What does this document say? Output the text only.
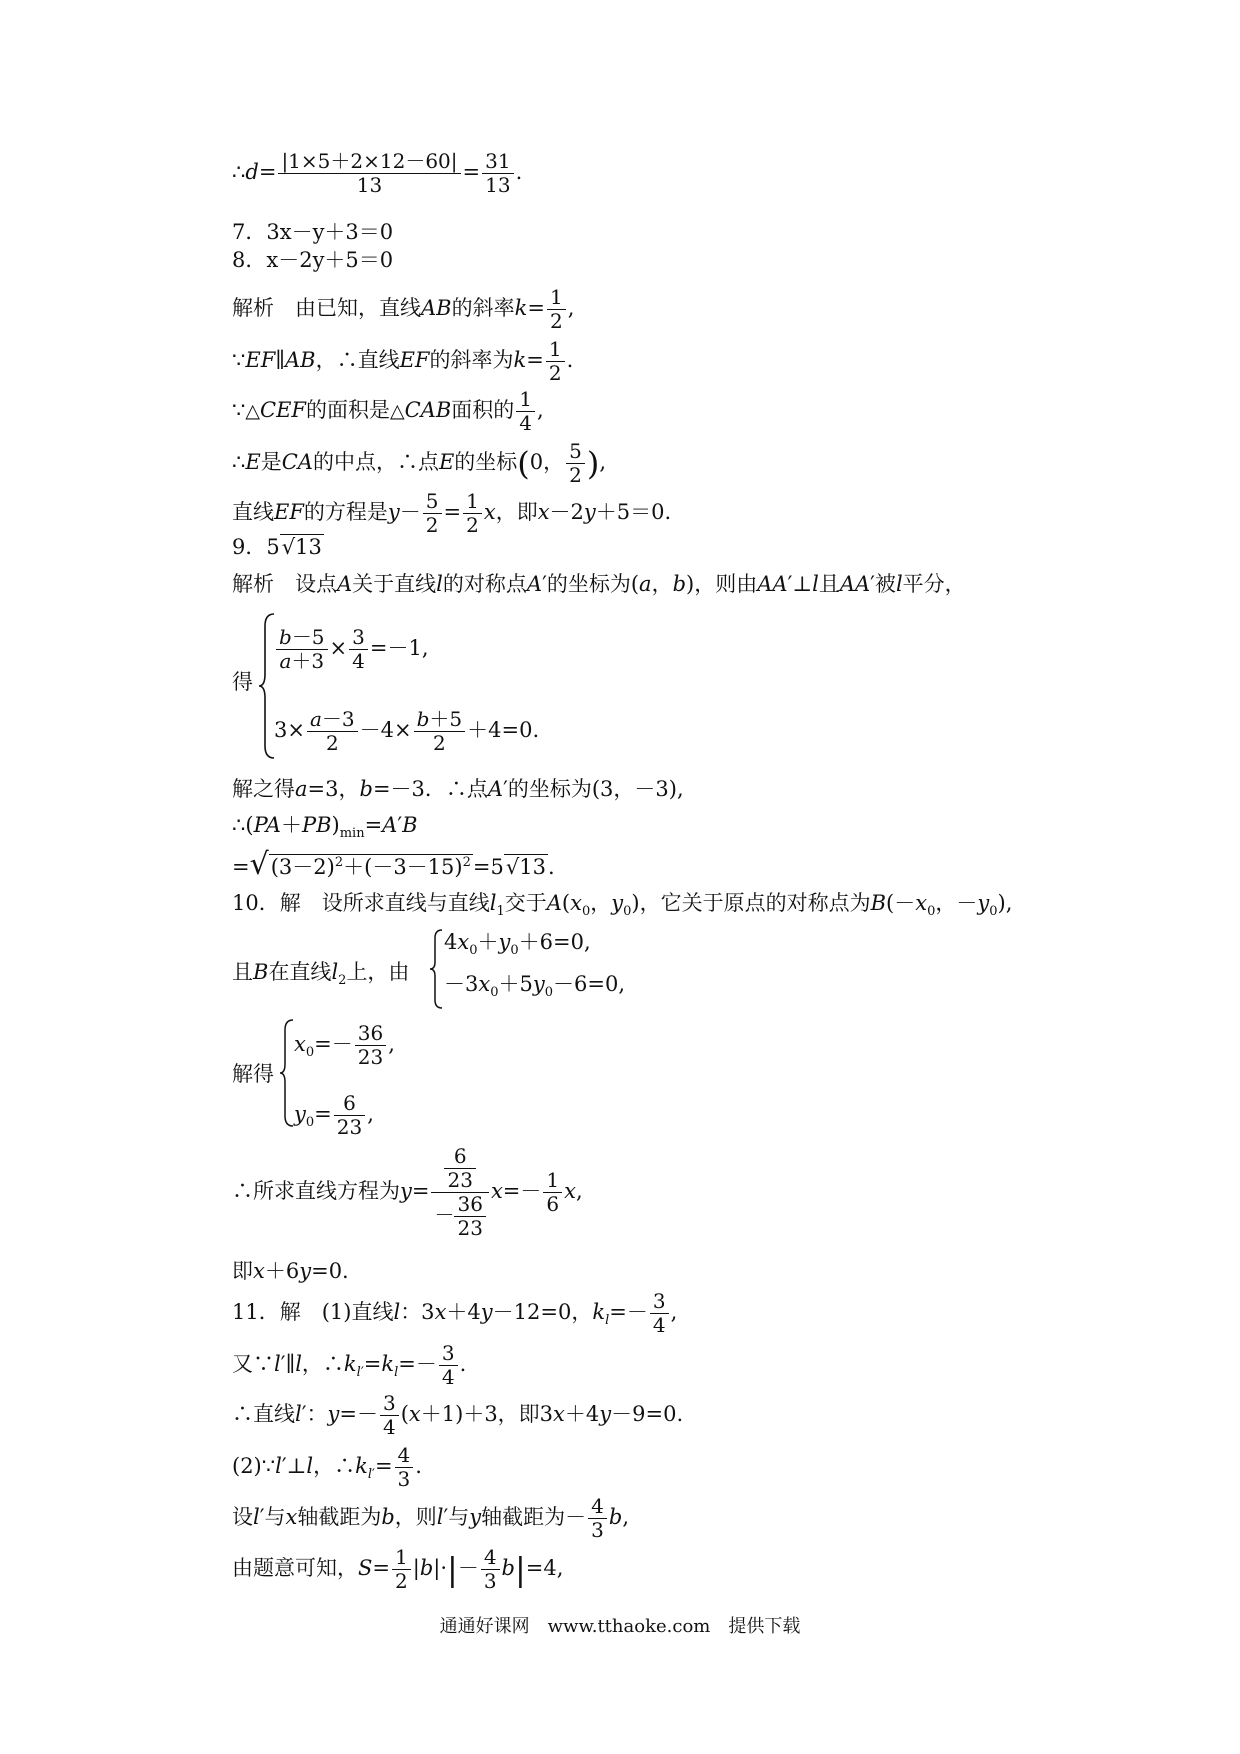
∴d= $\frac{|1\times 5+2\times 12-60|}{13} = \frac{31}{13}$ .
7．3x－y＋3＝0
8．x－2y＋5＝0
解析　由已知，直线AB的斜率$k= \frac{1}{2}$ ,
∵EF∥AB，∴直线EF的斜率为$k= \frac{1}{2}$ .
∵△CEF的面积是△CAB面积的 $\frac{1}{4}$ ,
∴E是CA的中点，∴点E的坐标(0， $\frac{5}{2}$ ),
直线EF的方程是$y- \frac{5}{2} = \frac{1}{2}$ x，即x－2y＋5＝0.
9．5√13
解析　设点A关于直线l的对称点A′的坐标为(a，b)，则由AA′⊥l且AA′被l平分，
得
$\frac{b-5}{a+3} \times \frac{3}{4} =-1$,
$3\times \frac{a-3}{2} -4\times \frac{b+5}{2} +4=0$.
解之得a=3，b=－3．∴点A′的坐标为(3，－3),
$\therefore(PA+PB)_{min}=A'B$
$=√(3-2)^2+(-3-15)^2=5√13$.
10．解　设所求直线与直线$l_1$交于$A(x_0$，$y_0$)，它关于原点的对称点为$B(-x_0$，$-y_0$),
且B在直线$l_2$上，由
$4x_0+y_0+6=0$,
$-3x_0+5y_0-6=0$,
解得
$x_0=- \frac{36}{23}$ ,
$y_0= \frac{6}{23}$ ,
∴所求直线方程为$y= \frac{\frac{6}{23}}{- \frac{36}{23}} x=- \frac{1}{6} x$,
即x＋6y=0.
11．解　(1)直线l：3x＋4y－12=0，$k_l=- \frac{3}{4}$ ,
又∵l′∥l，$\therefore k_{l'}=k_l=- \frac{3}{4}$ .
∴直线l′：$y=- \frac{3}{4} (x+1)+3$，即3x＋4y－9=0.
(2)∵l′⊥l，$\therefore k_{l'}= \frac{4}{3}$ .
设l′与x轴截距为b，则l′与y轴截距为－ $\frac{4}{3} b$,
由题意可知，$S= \frac{1}{2} |b|\cdot|- \frac{4}{3} b|=4$,
通通好课网　www.tthaoke.com　提供下载
